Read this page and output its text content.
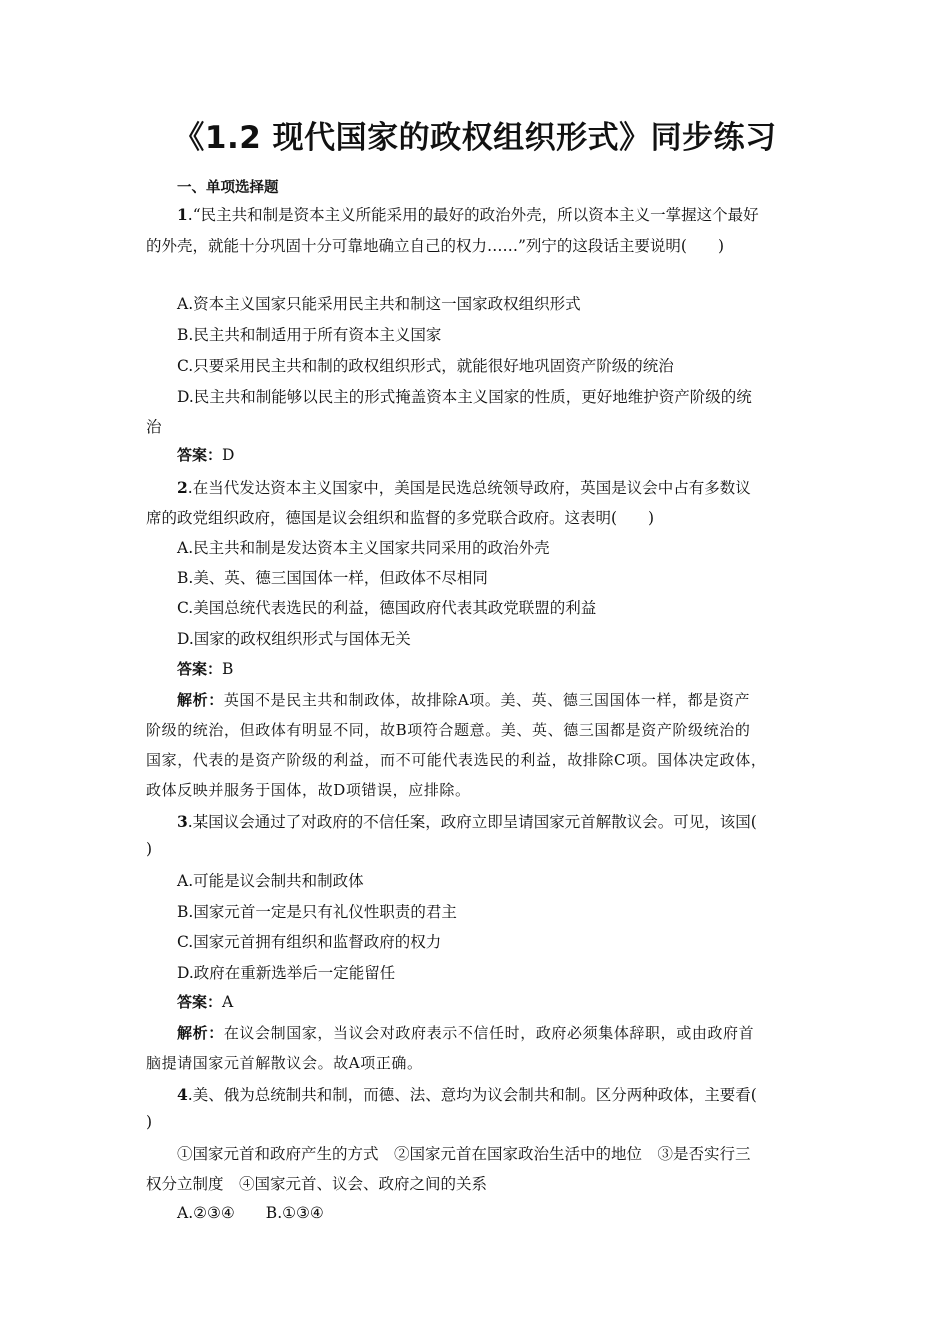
《1.2 现代国家的政权组织形式》同步练习
一、单项选择题
1.“民主共和制是资本主义所能采用的最好的政治外壳，所以资本主义一掌握这个最好
的外壳，就能十分巩固十分可靠地确立自己的权力……”列宁的这段话主要说明(　　)
A.资本主义国家只能采用民主共和制这一国家政权组织形式
B.民主共和制适用于所有资本主义国家
C.只要采用民主共和制的政权组织形式，就能很好地巩固资产阶级的统治
D.民主共和制能够以民主的形式掩盖资本主义国家的性质，更好地维护资产阶级的统
治
答案：D
2.在当代发达资本主义国家中，美国是民选总统领导政府，英国是议会中占有多数议
席的政党组织政府，德国是议会组织和监督的多党联合政府。这表明(　　)
A.民主共和制是发达资本主义国家共同采用的政治外壳
B.美、英、德三国国体一样，但政体不尽相同
C.美国总统代表选民的利益，德国政府代表其政党联盟的利益
D.国家的政权组织形式与国体无关
答案：B
解析：英国不是民主共和制政体，故排除A项。美、英、德三国国体一样，都是资产
阶级的统治，但政体有明显不同，故B项符合题意。美、英、德三国都是资产阶级统治的
国家，代表的是资产阶级的利益，而不可能代表选民的利益，故排除C项。国体决定政体，
政体反映并服务于国体，故D项错误，应排除。
3.某国议会通过了对政府的不信任案，政府立即呈请国家元首解散议会。可见，该国(
)
A.可能是议会制共和制政体
B.国家元首一定是只有礼仪性职责的君主
C.国家元首拥有组织和监督政府的权力
D.政府在重新选举后一定能留任
答案：A
解析：在议会制国家，当议会对政府表示不信任时，政府必须集体辞职，或由政府首
脑提请国家元首解散议会。故A项正确。
4.美、俄为总统制共和制，而德、法、意均为议会制共和制。区分两种政体，主要看(
)
①国家元首和政府产生的方式　②国家元首在国家政治生活中的地位　③是否实行三
权分立制度　④国家元首、议会、政府之间的关系
A.②③④　　B.①③④
